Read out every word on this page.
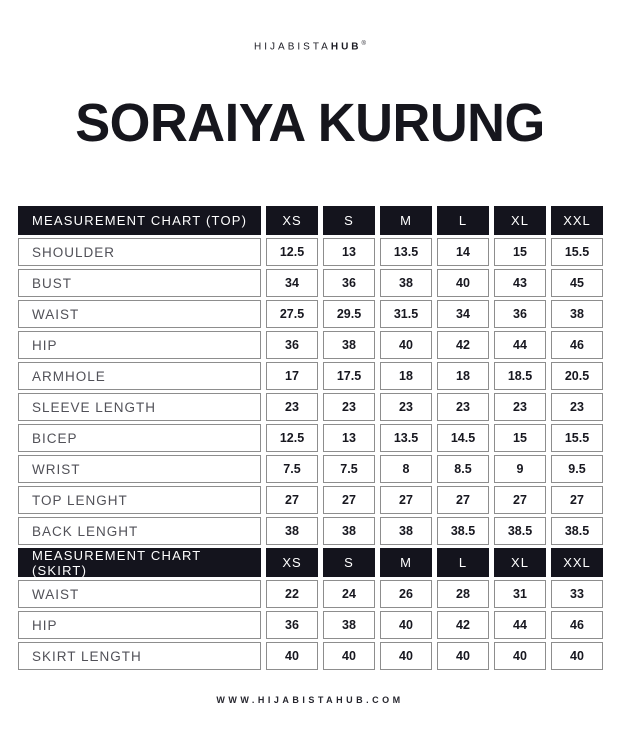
HIJABISTAHUB®
SORAIYA KURUNG
MEASUREMENT CHART (TOP)	XS	S	M	L	XL	XXL
SHOULDER	12.5	13	13.5	14	15	15.5
BUST	34	36	38	40	43	45
WAIST	27.5	29.5	31.5	34	36	38
HIP	36	38	40	42	44	46
ARMHOLE	17	17.5	18	18	18.5	20.5
SLEEVE LENGTH	23	23	23	23	23	23
BICEP	12.5	13	13.5	14.5	15	15.5
WRIST	7.5	7.5	8	8.5	9	9.5
TOP LENGHT	27	27	27	27	27	27
BACK LENGHT	38	38	38	38.5	38.5	38.5
MEASUREMENT CHART (SKIRT)	XS	S	M	L	XL	XXL
WAIST	22	24	26	28	31	33
HIP	36	38	40	42	44	46
SKIRT LENGTH	40	40	40	40	40	40
WWW.HIJABISTAHUB.COM
